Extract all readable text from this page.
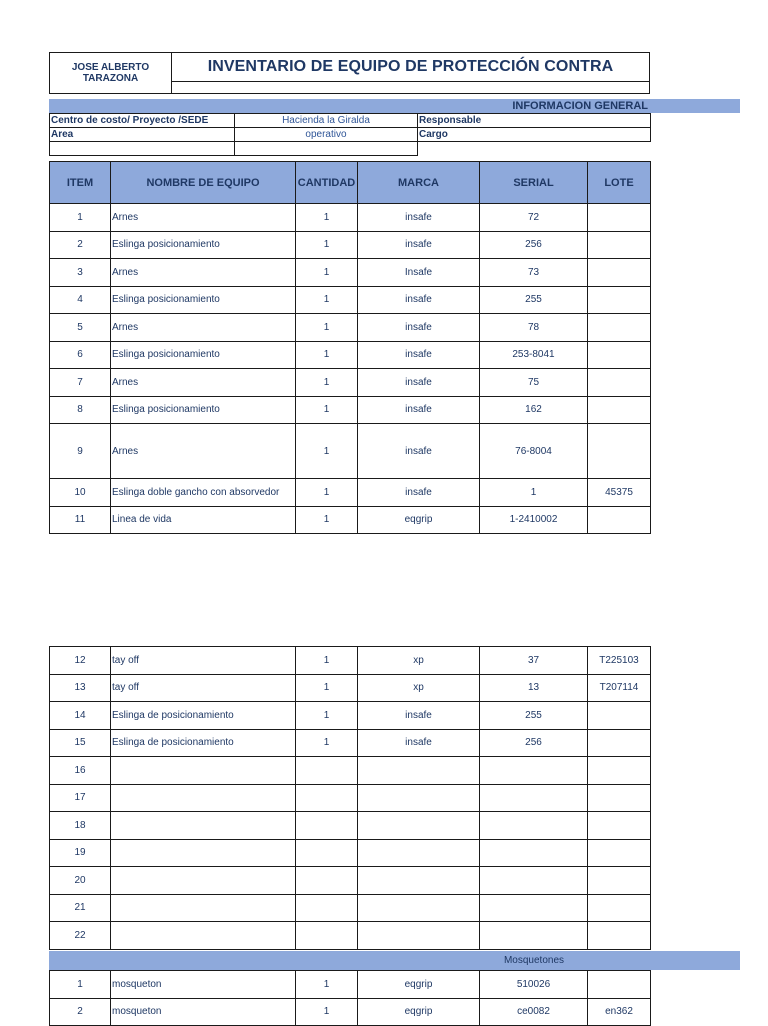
JOSE ALBERTO
TARAZONA
	INVENTARIO DE EQUIPO DE PROTECCIÓN CONTRA

INFORMACION GENERAL
Centro de costo/ Proyecto /SEDE	Hacienda la Giralda	Responsable
Area	operativo	Cargo

ITEM	NOMBRE DE EQUIPO	CANTIDAD	MARCA	SERIAL	LOTE
1	Arnes	1	insafe	72	
2	Eslinga posicionamiento	1	insafe	256	
3	Arnes	1	Insafe	73	
4	Eslinga posicionamiento	1	insafe	255	
5	Arnes	1	insafe	78	
6	Eslinga posicionamiento	1	insafe	253-8041	
7	Arnes	1	insafe	75	
8	Eslinga posicionamiento	1	insafe	162	
9	Arnes	1	insafe	76-8004	
10	Eslinga doble gancho con absorvedor	1	insafe	1	45375
11	Linea de vida	1	eqgrip	1-2410002	
12	tay off	1	xp	37	T225103
13	tay off	1	xp	13	T207114
14	Eslinga de posicionamiento	1	insafe	255	
15	Eslinga de posicionamiento	1	insafe	256	
16					
17					
18					
19					
20					
21					
22					
Mosquetones
1	mosqueton	1	eqgrip	510026	
2	mosqueton	1	eqgrip	ce0082	en362
